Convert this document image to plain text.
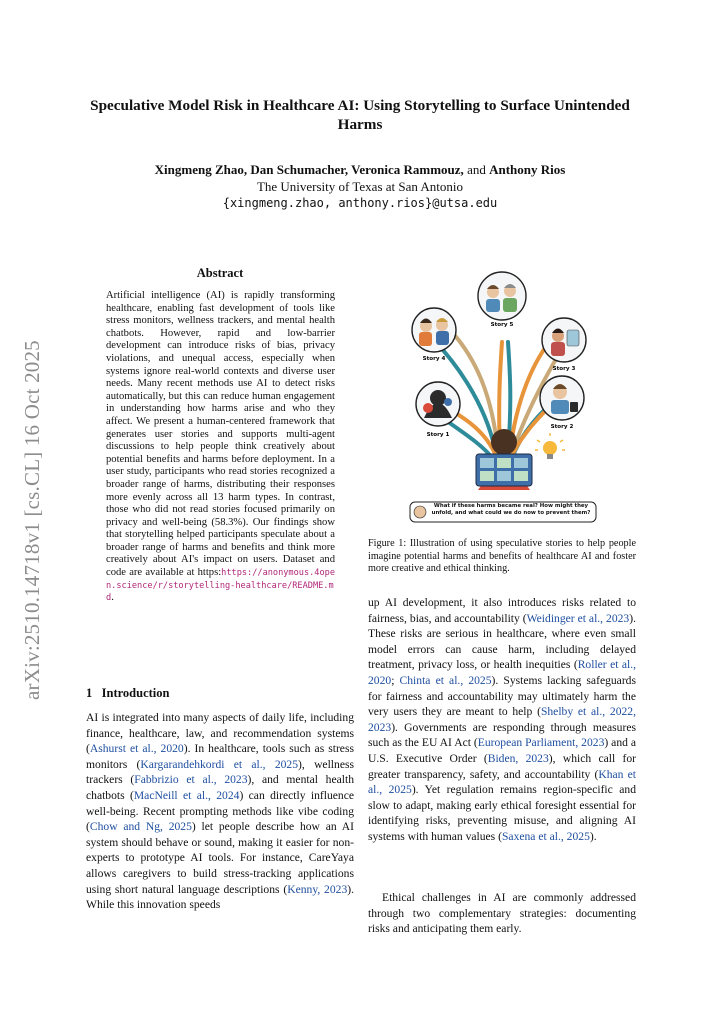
arXiv:2510.14718v1 [cs.CL] 16 Oct 2025
Speculative Model Risk in Healthcare AI: Using Storytelling to Surface Unintended Harms
Xingmeng Zhao, Dan Schumacher, Veronica Rammouz, and Anthony Rios
The University of Texas at San Antonio
{xingmeng.zhao, anthony.rios}@utsa.edu
Abstract
Artificial intelligence (AI) is rapidly transforming healthcare, enabling fast development of tools like stress monitors, wellness trackers, and mental health chatbots. However, rapid and low-barrier development can introduce risks of bias, privacy violations, and unequal access, especially when systems ignore real-world contexts and diverse user needs. Many recent methods use AI to detect risks automatically, but this can reduce human engagement in understanding how harms arise and who they affect. We present a human-centered framework that generates user stories and supports multi-agent discussions to help people think creatively about potential benefits and harms before deployment. In a user study, participants who read stories recognized a broader range of harms, distributing their responses more evenly across all 13 harm types. In contrast, those who did not read stories focused primarily on privacy and well-being (58.3%). Our findings show that storytelling helped participants speculate about a broader range of harms and benefits and think more creatively about AI's impact on users. Dataset and code are available at https:https://anonymous.4open.science/r/storytelling-healthcare/README.md.
Story 5
Story 4
Story 3
Story 2
Story 1
What if these harms became real? How might they unfold, and what could we do now to prevent them?
Figure 1: Illustration of using speculative stories to help people imagine potential harms and benefits of healthcare AI and foster more creative and ethical thinking.
1 Introduction
AI is integrated into many aspects of daily life, including finance, healthcare, law, and recommendation systems (Ashurst et al., 2020). In healthcare, tools such as stress monitors (Kargarandehkordi et al., 2025), wellness trackers (Fabbrizio et al., 2023), and mental health chatbots (MacNeill et al., 2024) can directly influence well-being. Recent prompting methods like vibe coding (Chow and Ng, 2025) let people describe how an AI system should behave or sound, making it easier for non-experts to prototype AI tools. For instance, CareYaya allows caregivers to build stress-tracking applications using short natural language descriptions (Kenny, 2023). While this innovation speeds
up AI development, it also introduces risks related to fairness, bias, and accountability (Weidinger et al., 2023). These risks are serious in healthcare, where even small model errors can cause harm, including delayed treatment, privacy loss, or health inequities (Roller et al., 2020; Chinta et al., 2025). Systems lacking safeguards for fairness and accountability may ultimately harm the very users they are meant to help (Shelby et al., 2022, 2023). Governments are responding through measures such as the EU AI Act (European Parliament, 2023) and a U.S. Executive Order (Biden, 2023), which call for greater transparency, safety, and accountability (Khan et al., 2025). Yet regulation remains region-specific and slow to adapt, making early ethical foresight essential for identifying risks, preventing misuse, and aligning AI systems with human values (Saxena et al., 2025).
Ethical challenges in AI are commonly addressed through two complementary strategies: documenting risks and anticipating them early.
